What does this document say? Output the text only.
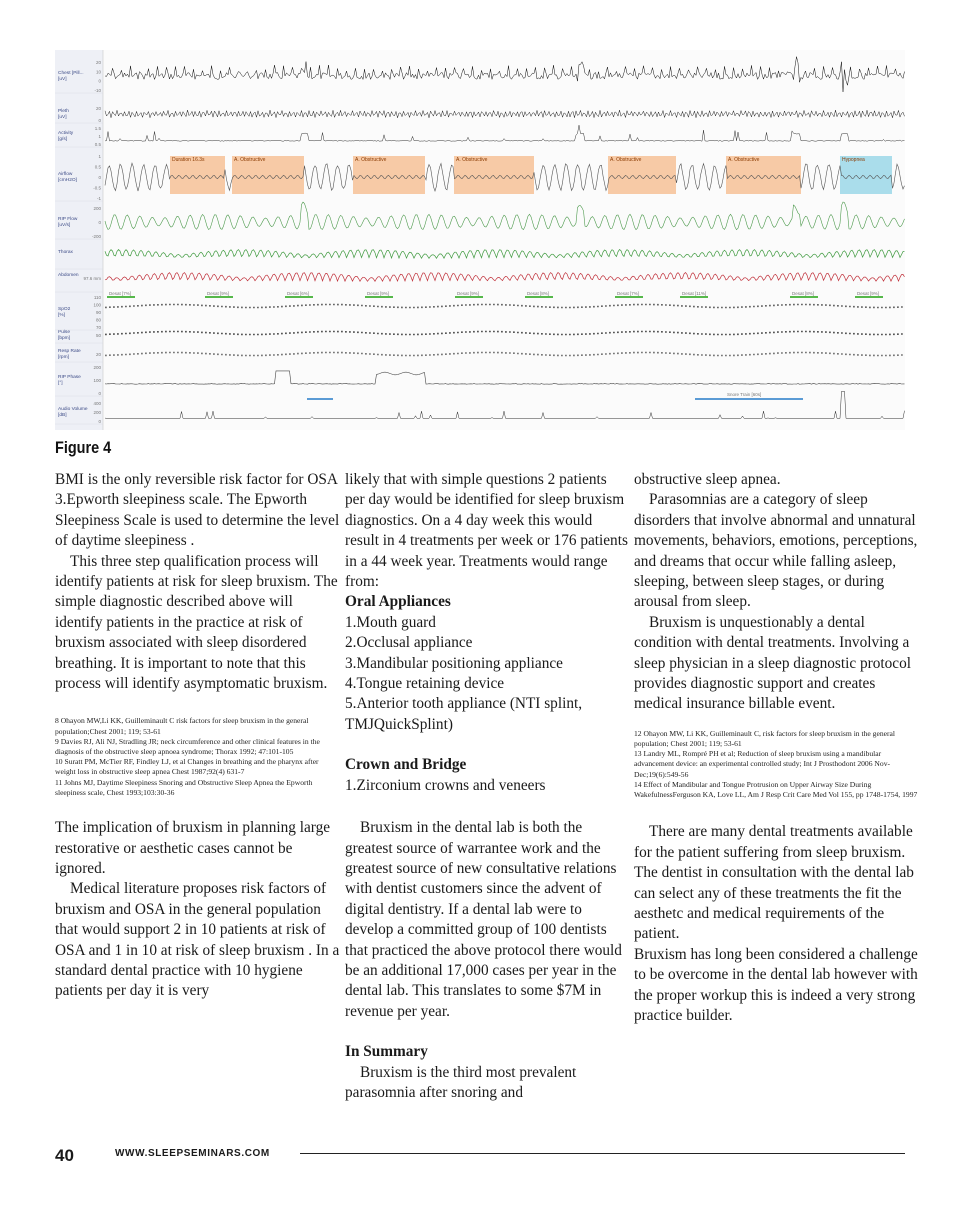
Duration 16.3s	A. Obstructive	A. Obstructive	A. Obstructive	A. Obstructive	A. Obstructive	Hypopnea
Chest [Pill...
[uV]
20
10
0
-10
Pleth
[uV]
20
0
Activity
[g/s]
1.5
1
0.5
Airflow
[cmH2O]
1
0.5
0
-0.5
-1
RIP Flow
[uV/s]
200
0
-200
Thorax
Abdomen
97.6 mm
SpO2
[%]
110
100
90
80
70
Pulse
[bpm]
50
Resp Rate
[rpm]
20
RIP Phase
[°]
200
100
0
Audio Volume
[dB]
400
200
0
Desat [7%]	Desat [9%]	Desat [6%]	Desat [9%]	Desat [9%]	Desat [8%]	Desat [7%]	Desat [11%]	Desat [8%]	Desat [9%]
Snore Train [60s]
Figure 4

BMI is the only reversible risk factor for OSA

3.Epworth sleepiness scale. The Epworth Sleepiness Scale is used to determine the level of daytime sleepiness .

This three step qualification process will identify patients at risk for sleep bruxism. The simple diagnostic described above will identify patients in the practice at risk of bruxism associated with sleep disordered breathing. It is important to note that this process will identify asymptomatic bruxism.

8 Ohayon MW,Li KK, Guilleminault C risk factors for sleep bruxism in the general population;Chest 2001; 119; 53-61

9 Davies RJ, Ali NJ, Stradling JR; neck circumference and other clinical features in the diagnosis of the obstructive sleep apnoea syndrome; Thorax 1992; 47:101-105

10 Suratt PM, McTier RF, Findley LJ, et al Changes in breathing and the pharynx after weight loss in obstructive sleep apnea Chest 1987;92(4) 631-7

11 Johns MJ, Daytime Sleepiness Snoring and Obstructive Sleep Apnea the Epworth sleepiness scale, Chest 1993;103:30-36

The implication of bruxism in planning large restorative or aesthetic cases cannot be ignored.

Medical literature proposes risk factors of bruxism and OSA in the general population that would support 2 in 10 patients at risk of OSA and 1 in 10 at risk of sleep bruxism . In a standard dental practice with 10 hygiene patients per day it is very

likely that with simple questions 2 patients per day would be identified for sleep bruxism diagnostics. On a 4 day week this would result in 4 treatments per week or 176 patients in a 44 week year. Treatments would range from:

Oral Appliances

1.Mouth guard

2.Occlusal appliance

3.Mandibular positioning appliance

4.Tongue retaining device

5.Anterior tooth appliance (NTI splint, TMJQuickSplint)

Crown and Bridge

1.Zirconium crowns and veneers

Bruxism in the dental lab is both the greatest source of warrantee work and the greatest source of new consultative relations with dentist customers since the advent of digital dentistry. If a dental lab were to develop a committed group of 100 dentists that practiced the above protocol there would be an additional 17,000 cases per year in the dental lab. This translates to some $7M in revenue per year.

In Summary

Bruxism is the third most prevalent parasomnia after snoring and

obstructive sleep apnea.

Parasomnias are a category of sleep disorders that involve abnormal and unnatural movements, behaviors, emotions, perceptions, and dreams that occur while falling asleep, sleeping, between sleep stages, or during arousal from sleep.

Bruxism is unquestionably a dental condition with dental treatments. Involving a sleep physician in a sleep diagnostic protocol provides diagnostic support and creates medical insurance billable event.

12 Ohayon MW, Li KK, Guilleminault C, risk factors for sleep bruxism in the general population; Chest 2001; 119; 53-61

13 Landry ML, Rompré PH et al; Reduction of sleep bruxism using a mandibular advancement device: an experimental controlled study; Int J Prosthodont 2006 Nov-Dec;19(6):549-56

14 Effect of Mandibular and Tongue Protrusion on Upper Airway Size During WakefulnessFerguson KA, Love LL, Am J Resp Crit Care Med Vol 155, pp 1748-1754, 1997

There are many dental treatments available for the patient suffering from sleep bruxism. The dentist in consultation with the dental lab can select any of these treatments the fit the aesthetc and medical requirements of the patient.

Bruxism has long been considered a challenge to be overcome in the dental lab however with the proper workup this is indeed a very strong practice builder.

40	WWW.SLEEPSEMINARS.COM
